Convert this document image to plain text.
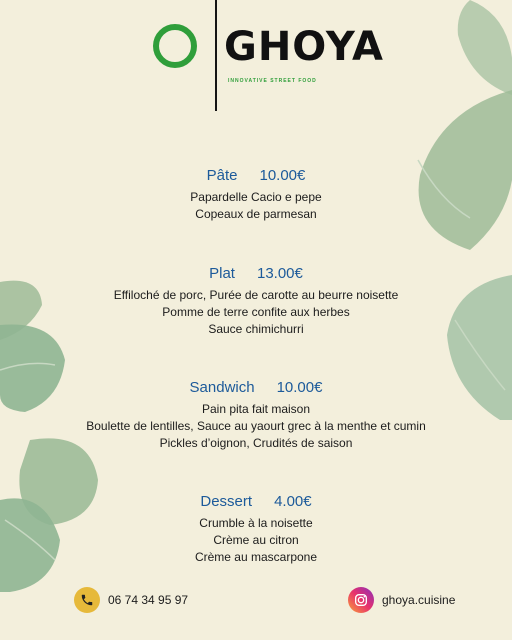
GHOYA
INNOVATIVE STREET FOOD
Pâte 10.00€
Papardelle Cacio e pepe
Copeaux de parmesan
Plat 13.00€
Effiloché de porc, Purée de carotte au beurre noisette
Pomme de terre confite aux herbes
Sauce chimichurri
Sandwich 10.00€
Pain pita fait maison
Boulette de lentilles, Sauce au yaourt grec à la menthe et cumin
Pickles d’oignon, Crudités de saison
Dessert 4.00€
Crumble à la noisette
Crème au citron
Crème au mascarpone
06 74 34 95 97	ghoya.cuisine
